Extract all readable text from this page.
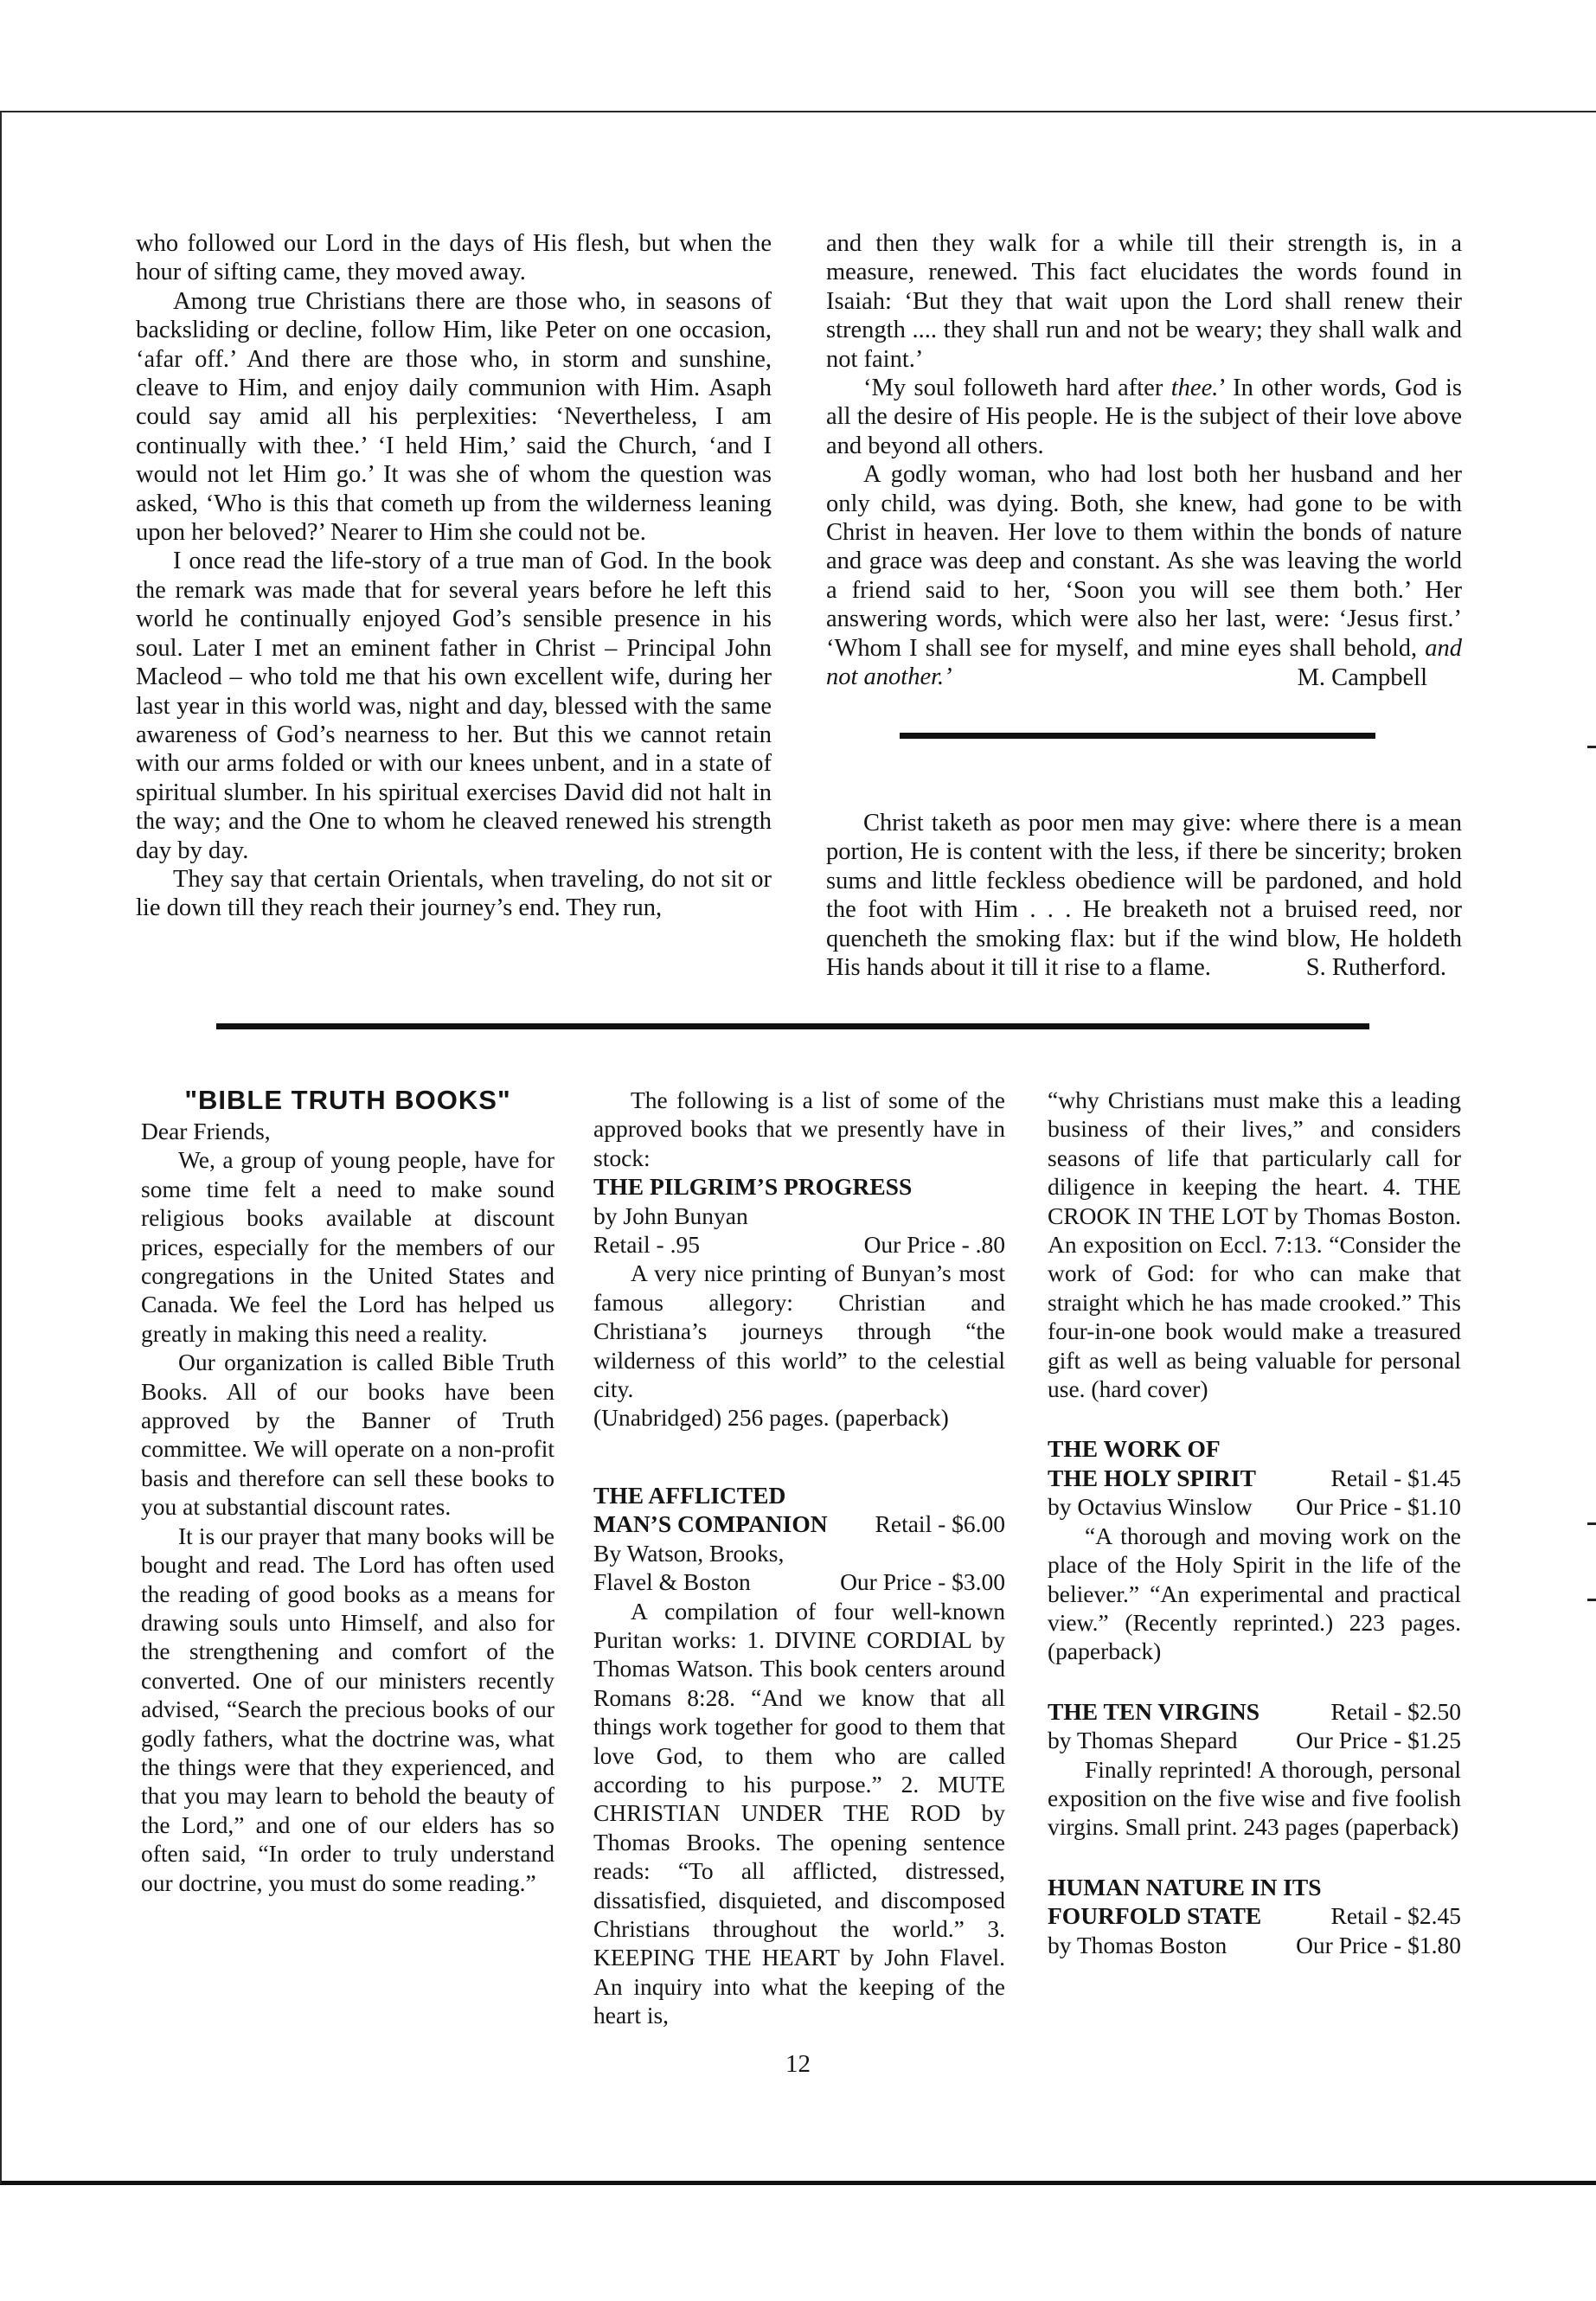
who followed our Lord in the days of His flesh, but when the hour of sifting came, they moved away.

Among true Christians there are those who, in seasons of backsliding or decline, follow Him, like Peter on one occasion, ‘afar off.’ And there are those who, in storm and sunshine, cleave to Him, and enjoy daily communion with Him. Asaph could say amid all his perplexities: ‘Nevertheless, I am continually with thee.’ ‘I held Him,’ said the Church, ‘and I would not let Him go.’ It was she of whom the question was asked, ‘Who is this that cometh up from the wilderness leaning upon her beloved?’ Nearer to Him she could not be.

I once read the life-story of a true man of God. In the book the remark was made that for several years before he left this world he continually enjoyed God’s sensible presence in his soul. Later I met an eminent father in Christ – Principal John Macleod – who told me that his own excellent wife, during her last year in this world was, night and day, blessed with the same awareness of God’s nearness to her. But this we cannot retain with our arms folded or with our knees unbent, and in a state of spiritual slumber. In his spiritual exercises David did not halt in the way; and the One to whom he cleaved renewed his strength day by day.

They say that certain Orientals, when traveling, do not sit or lie down till they reach their journey’s end. They run,

and then they walk for a while till their strength is, in a measure, renewed. This fact elucidates the words found in Isaiah: ‘But they that wait upon the Lord shall renew their strength .... they shall run and not be weary; they shall walk and not faint.’

‘My soul followeth hard after thee.’ In other words, God is all the desire of His people. He is the subject of their love above and beyond all others.

A godly woman, who had lost both her husband and her only child, was dying. Both, she knew, had gone to be with Christ in heaven. Her love to them within the bonds of nature and grace was deep and constant. As she was leaving the world a friend said to her, ‘Soon you will see them both.’ Her answering words, which were also her last, were: ‘Jesus first.’ ‘Whom I shall see for myself, and mine eyes shall behold, and not another.’	M. Campbell

Christ taketh as poor men may give: where there is a mean portion, He is content with the less, if there be sincerity; broken sums and little feckless obedience will be pardoned, and hold the foot with Him . . . He breaketh not a bruised reed, nor quencheth the smoking flax: but if the wind blow, He holdeth His hands about it till it rise to a flame.	S. Rutherford.

"BIBLE TRUTH BOOKS"

Dear Friends,

We, a group of young people, have for some time felt a need to make sound religious books available at discount prices, especially for the members of our congregations in the United States and Canada. We feel the Lord has helped us greatly in making this need a reality.

Our organization is called Bible Truth Books. All of our books have been approved by the Banner of Truth committee. We will operate on a non-profit basis and therefore can sell these books to you at substantial discount rates.

It is our prayer that many books will be bought and read. The Lord has often used the reading of good books as a means for drawing souls unto Himself, and also for the strengthening and comfort of the converted. One of our ministers recently advised, “Search the precious books of our godly fathers, what the doctrine was, what the things were that they experienced, and that you may learn to behold the beauty of the Lord,” and one of our elders has so often said, “In order to truly understand our doctrine, you must do some reading.”

The following is a list of some of the approved books that we presently have in stock:

THE PILGRIM’S PROGRESS

by John Bunyan

Retail - .95	Our Price - .80

A very nice printing of Bunyan’s most famous allegory: Christian and Christiana’s journeys through “the wilderness of this world” to the celestial city.

(Unabridged) 256 pages. (paperback)

THE AFFLICTED

MAN’S COMPANION Retail - $6.00

By Watson, Brooks,

Flavel & Boston	Our Price - $3.00

A compilation of four well-known Puritan works: 1. DIVINE CORDIAL by Thomas Watson. This book centers around Romans 8:28. “And we know that all things work together for good to them that love God, to them who are called according to his purpose.” 2. MUTE CHRISTIAN UNDER THE ROD by Thomas Brooks. The opening sentence reads: “To all afflicted, distressed, dissatisfied, disquieted, and discomposed Christians throughout the world.” 3. KEEPING THE HEART by John Flavel. An inquiry into what the keeping of the heart is,

“why Christians must make this a leading business of their lives,” and considers seasons of life that particularly call for diligence in keeping the heart. 4. THE CROOK IN THE LOT by Thomas Boston. An exposition on Eccl. 7:13. “Consider the work of God: for who can make that straight which he has made crooked.” This four-in-one book would make a treasured gift as well as being valuable for personal use. (hard cover)

THE WORK OF

THE HOLY SPIRIT	Retail - $1.45
by Octavius Winslow Our Price - $1.10

“A thorough and moving work on the place of the Holy Spirit in the life of the believer.” “An experimental and practical view.” (Recently reprinted.) 223 pages. (paperback)

THE TEN VIRGINS	Retail - $2.50
by Thomas Shepard Our Price - $1.25

Finally reprinted! A thorough, personal exposition on the five wise and five foolish virgins. Small print. 243 pages (paperback)

HUMAN NATURE IN ITS

FOURFOLD STATE	Retail - $2.45
by Thomas Boston	Our Price - $1.80
12
